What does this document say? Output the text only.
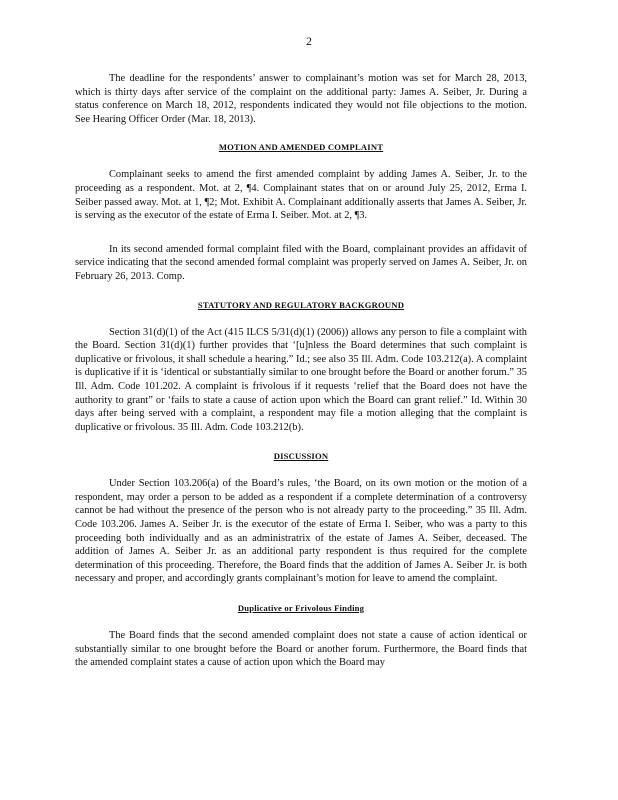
2

The deadline for the respondents’ answer to complainant’s motion was set for March 28, 2013, which is thirty days after service of the complaint on the additional party: James A. Seiber, Jr. During a status conference on March 18, 2012, respondents indicated they would not file objections to the motion. See Hearing Officer Order (Mar. 18, 2013).

MOTION AND AMENDED COMPLAINT

Complainant seeks to amend the first amended complaint by adding James A. Seiber, Jr. to the proceeding as a respondent. Mot. at 2, ¶4. Complainant states that on or around July 25, 2012, Erma I. Seiber passed away. Mot. at 1, ¶2; Mot. Exhibit A. Complainant additionally asserts that James A. Seiber, Jr. is serving as the executor of the estate of Erma I. Seiber. Mot. at 2, ¶3.

In its second amended formal complaint filed with the Board, complainant provides an affidavit of service indicating that the second amended formal complaint was properly served on James A. Seiber, Jr. on February 26, 2013. Comp.

STATUTORY AND REGULATORY BACKGROUND

Section 31(d)(1) of the Act (415 ILCS 5/31(d)(1) (2006)) allows any person to file a complaint with the Board. Section 31(d)(1) further provides that ‘[u]nless the Board determines that such complaint is duplicative or frivolous, it shall schedule a hearing.” Id.; see also 35 Ill. Adm. Code 103.212(a). A complaint is duplicative if it is ‘identical or substantially similar to one brought before the Board or another forum.” 35 Ill. Adm. Code 101.202. A complaint is frivolous if it requests ‘relief that the Board does not have the authority to grant” or ‘fails to state a cause of action upon which the Board can grant relief.” Id. Within 30 days after being served with a complaint, a respondent may file a motion alleging that the complaint is duplicative or frivolous. 35 Ill. Adm. Code 103.212(b).

DISCUSSION

Under Section 103.206(a) of the Board’s rules, ‘the Board, on its own motion or the motion of a respondent, may order a person to be added as a respondent if a complete determination of a controversy cannot be had without the presence of the person who is not already party to the proceeding.” 35 Ill. Adm. Code 103.206. James A. Seiber Jr. is the executor of the estate of Erma I. Seiber, who was a party to this proceeding both individually and as an administratrix of the estate of James A. Seiber, deceased. The addition of James A. Seiber Jr. as an additional party respondent is thus required for the complete determination of this proceeding. Therefore, the Board finds that the addition of James A. Seiber Jr. is both necessary and proper, and accordingly grants complainant’s motion for leave to amend the complaint.

Duplicative or Frivolous Finding

The Board finds that the second amended complaint does not state a cause of action identical or substantially similar to one brought before the Board or another forum. Furthermore, the Board finds that the amended complaint states a cause of action upon which the Board may
